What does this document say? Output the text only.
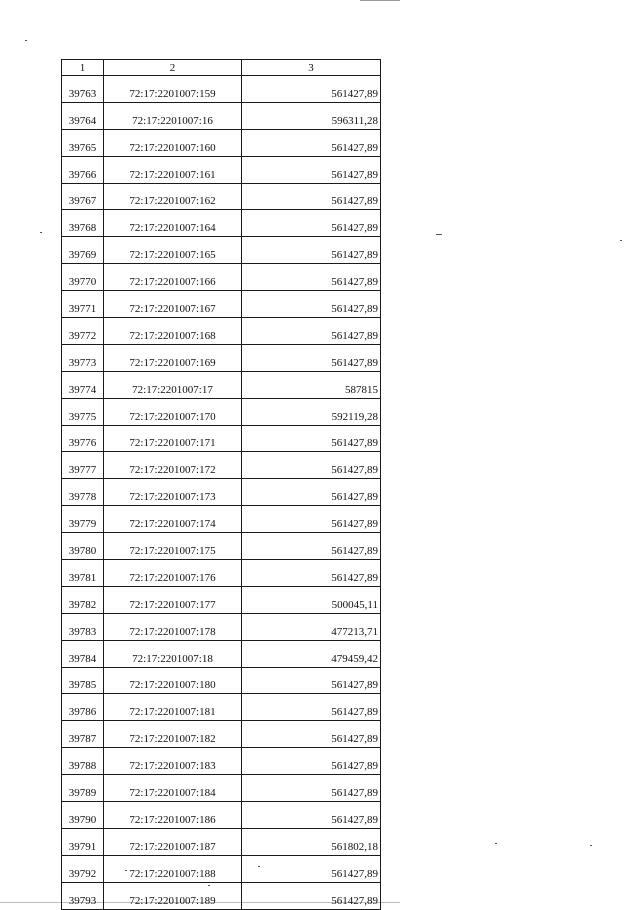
1	2	3
39763	72:17:2201007:159	561427,89
39764	72:17:2201007:16	596311,28
39765	72:17:2201007:160	561427,89
39766	72:17:2201007:161	561427,89
39767	72:17:2201007:162	561427,89
39768	72:17:2201007:164	561427,89
39769	72:17:2201007:165	561427,89
39770	72:17:2201007:166	561427,89
39771	72:17:2201007:167	561427,89
39772	72:17:2201007:168	561427,89
39773	72:17:2201007:169	561427,89
39774	72:17:2201007:17	587815
39775	72:17:2201007:170	592119,28
39776	72:17:2201007:171	561427,89
39777	72:17:2201007:172	561427,89
39778	72:17:2201007:173	561427,89
39779	72:17:2201007:174	561427,89
39780	72:17:2201007:175	561427,89
39781	72:17:2201007:176	561427,89
39782	72:17:2201007:177	500045,11
39783	72:17:2201007:178	477213,71
39784	72:17:2201007:18	479459,42
39785	72:17:2201007:180	561427,89
39786	72:17:2201007:181	561427,89
39787	72:17:2201007:182	561427,89
39788	72:17:2201007:183	561427,89
39789	72:17:2201007:184	561427,89
39790	72:17:2201007:186	561427,89
39791	72:17:2201007:187	561802,18
39792	72:17:2201007:188	561427,89
39793	72:17:2201007:189	561427,89
